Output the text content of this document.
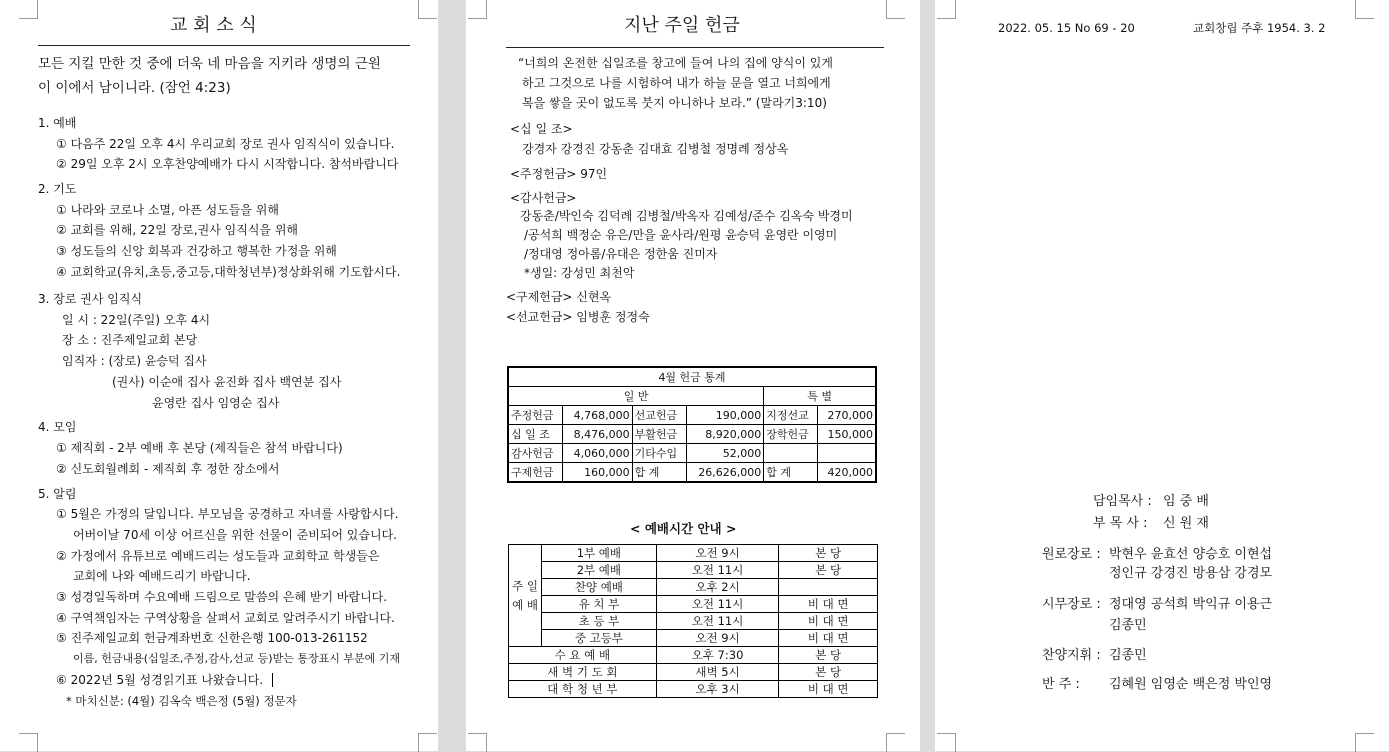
교 회 소 식
모든 지킬 만한 것 중에 더욱 네 마음을 지키라 생명의 근원
이 이에서 남이니라. (잠언 4:23)
1. 예배
① 다음주 22일 오후 4시 우리교회 장로 권사 임직식이 있습니다.
② 29일 오후 2시 오후찬양예배가 다시 시작합니다. 참석바랍니다
2. 기도
① 나라와 코로나 소멸, 아픈 성도들을 위해
② 교회를 위해, 22일 장로,권사 임직식을 위해
③ 성도들의 신앙 회복과 건강하고 행복한 가정을 위해
④ 교회학교(유치,초등,중고등,대학청년부)정상화위해 기도합시다.
3. 장로 권사 임직식
일 시 : 22일(주일) 오후 4시
장 소 : 진주제일교회 본당
임직자 : (장로) 윤승덕 집사
(권사) 이순애 집사 윤진화 집사 백연분 집사
윤영란 집사 임영순 집사
4. 모임
① 제직회 - 2부 예배 후 본당 (제직들은 참석 바랍니다)
② 신도회월례회 - 제직회 후 정한 장소에서
5. 알림
① 5월은 가정의 달입니다. 부모님을 공경하고 자녀를 사랑합시다.
어버이날 70세 이상 어르신을 위한 선물이 준비되어 있습니다.
② 가정에서 유튜브로 예배드리는 성도들과 교회학교 학생들은
교회에 나와 예배드리기 바랍니다.
③ 성경일독하며 수요예배 드림으로 말씀의 은혜 받기 바랍니다.
④ 구역책임자는 구역상황을 살펴서 교회로 알려주시기 바랍니다.
⑤ 진주제일교회 헌금계좌번호 신한은행 100-013-261152
이름, 헌금내용(십일조,주정,감사,선교 등)받는 통장표시 부분에 기재
⑥ 2022년 5월 성경읽기표 나왔습니다.
* 마치신분: (4월) 김옥숙 백은정 (5월) 정문자
지난 주일 헌금
“너희의 온전한 십일조를 창고에 들여 나의 집에 양식이 있게
하고 그것으로 나를 시험하여 내가 하늘 문을 열고 너희에게
복을 쌓을 곳이 없도록 붓지 아니하나 보라.” (말라기3:10)
<십 일 조>
강경자 강경진 강동춘 김대효 김병철 정명례 정상옥
<주정헌금> 97인
<감사헌금>
강동춘/박인숙 김덕례 김병철/박옥자 김예성/준수 김옥숙 박경미
/공석희 백정순 유은/만을 윤사라/원평 윤승덕 윤영란 이영미
/정대영 정아롬/유대은 정한움 진미자
*생일: 강성민 최천악
<구제헌금> 신현옥
<선교헌금> 임병훈 정정숙
4월 헌금 통계					
일 반				특 별	
주정헌금	4,768,000	선교헌금	190,000	지정선교	270,000
십 일 조	8,476,000	부활헌금	8,920,000	장학헌금	150,000
감사헌금	4,060,000	기타수입	52,000		
구제헌금	160,000	합 계	26,626,000	합 계	420,000
< 예배시간 안내 >
주 일 예 배	1부 예배	오전 9시	본 당
	2부 예배	오전 11시	본 당
	찬양 예배	오후 2시	
	유 치 부	오전 11시	비 대 면
	초 등 부	오전 11시	비 대 면
	중 고등부	오전 9시	비 대 면
수 요 예 배		오후 7:30	본 당
새 벽 기 도 회		새벽 5시	본 당
대 학 청 년 부		오후 3시	비 대 면
2022. 05. 15 No 69 - 20	교회창립 주후 1954. 3. 2
담임목사 : 임 중 배
부 목 사 : 신 원 재
원로장로 : 박현우 윤효선 양승호 이현섭
정인규 강경진 방용삼 강경모
시무장로 : 정대영 공석희 박익규 이용근
김종민
찬양지휘 : 김종민
반 주 : 김혜원 임영순 백은정 박인영
